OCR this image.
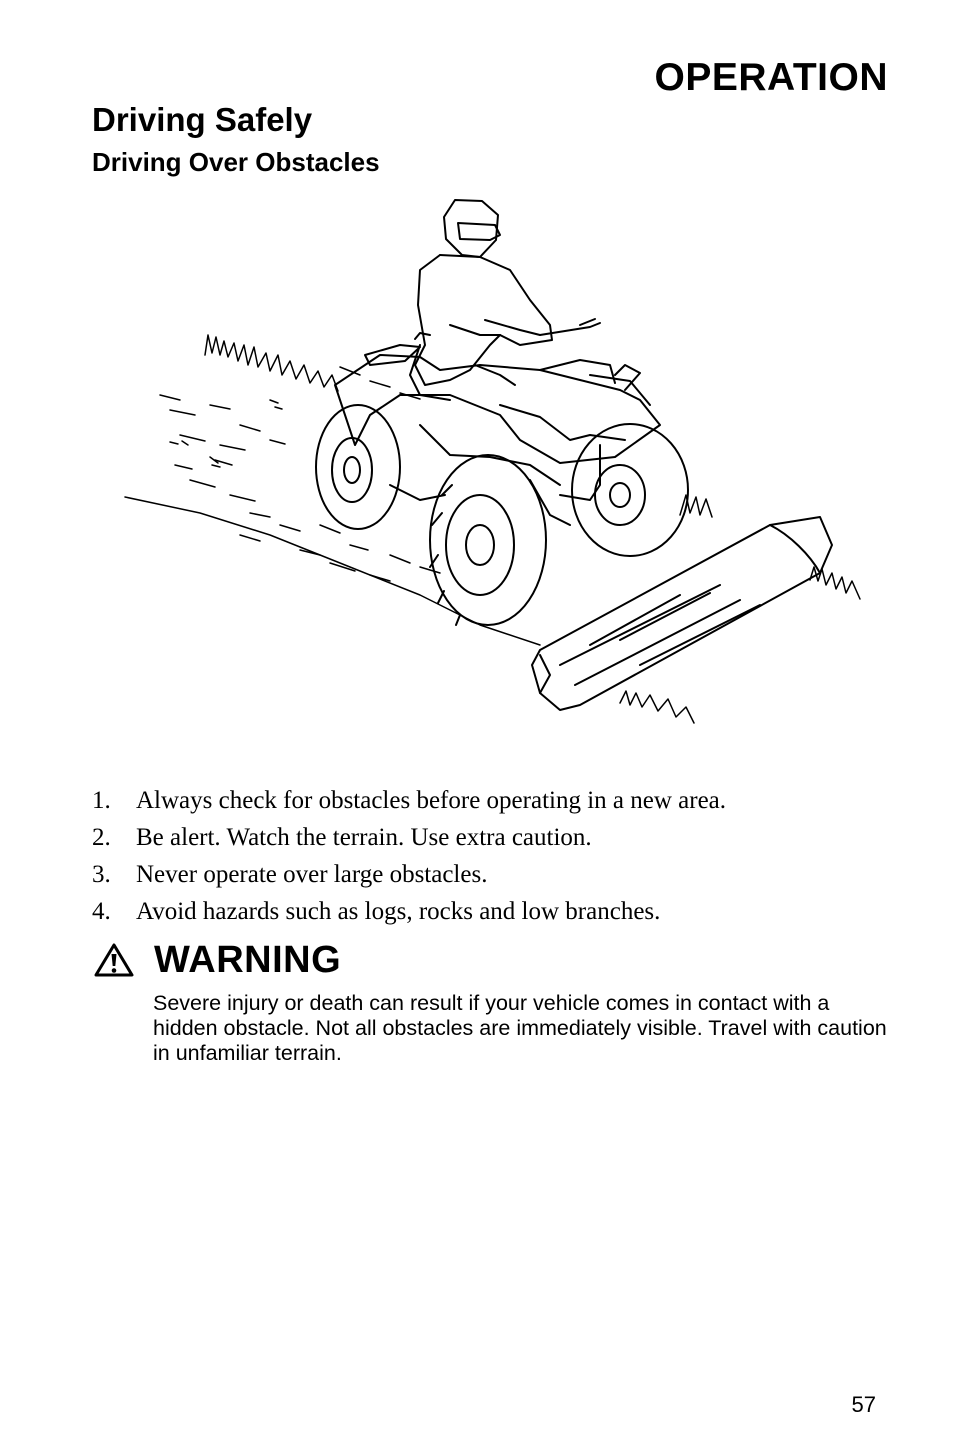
OPERATION
Driving Safely
Driving Over Obstacles
1. Always check for obstacles before operating in a new area.
2. Be alert. Watch the terrain. Use extra caution.
3. Never operate over large obstacles.
4. Avoid hazards such as logs, rocks and low branches.
WARNING

Severe injury or death can result if your vehicle comes in contact with a hidden obstacle. Not all obstacles are immediately visible. Travel with caution in unfamiliar terrain.

57
